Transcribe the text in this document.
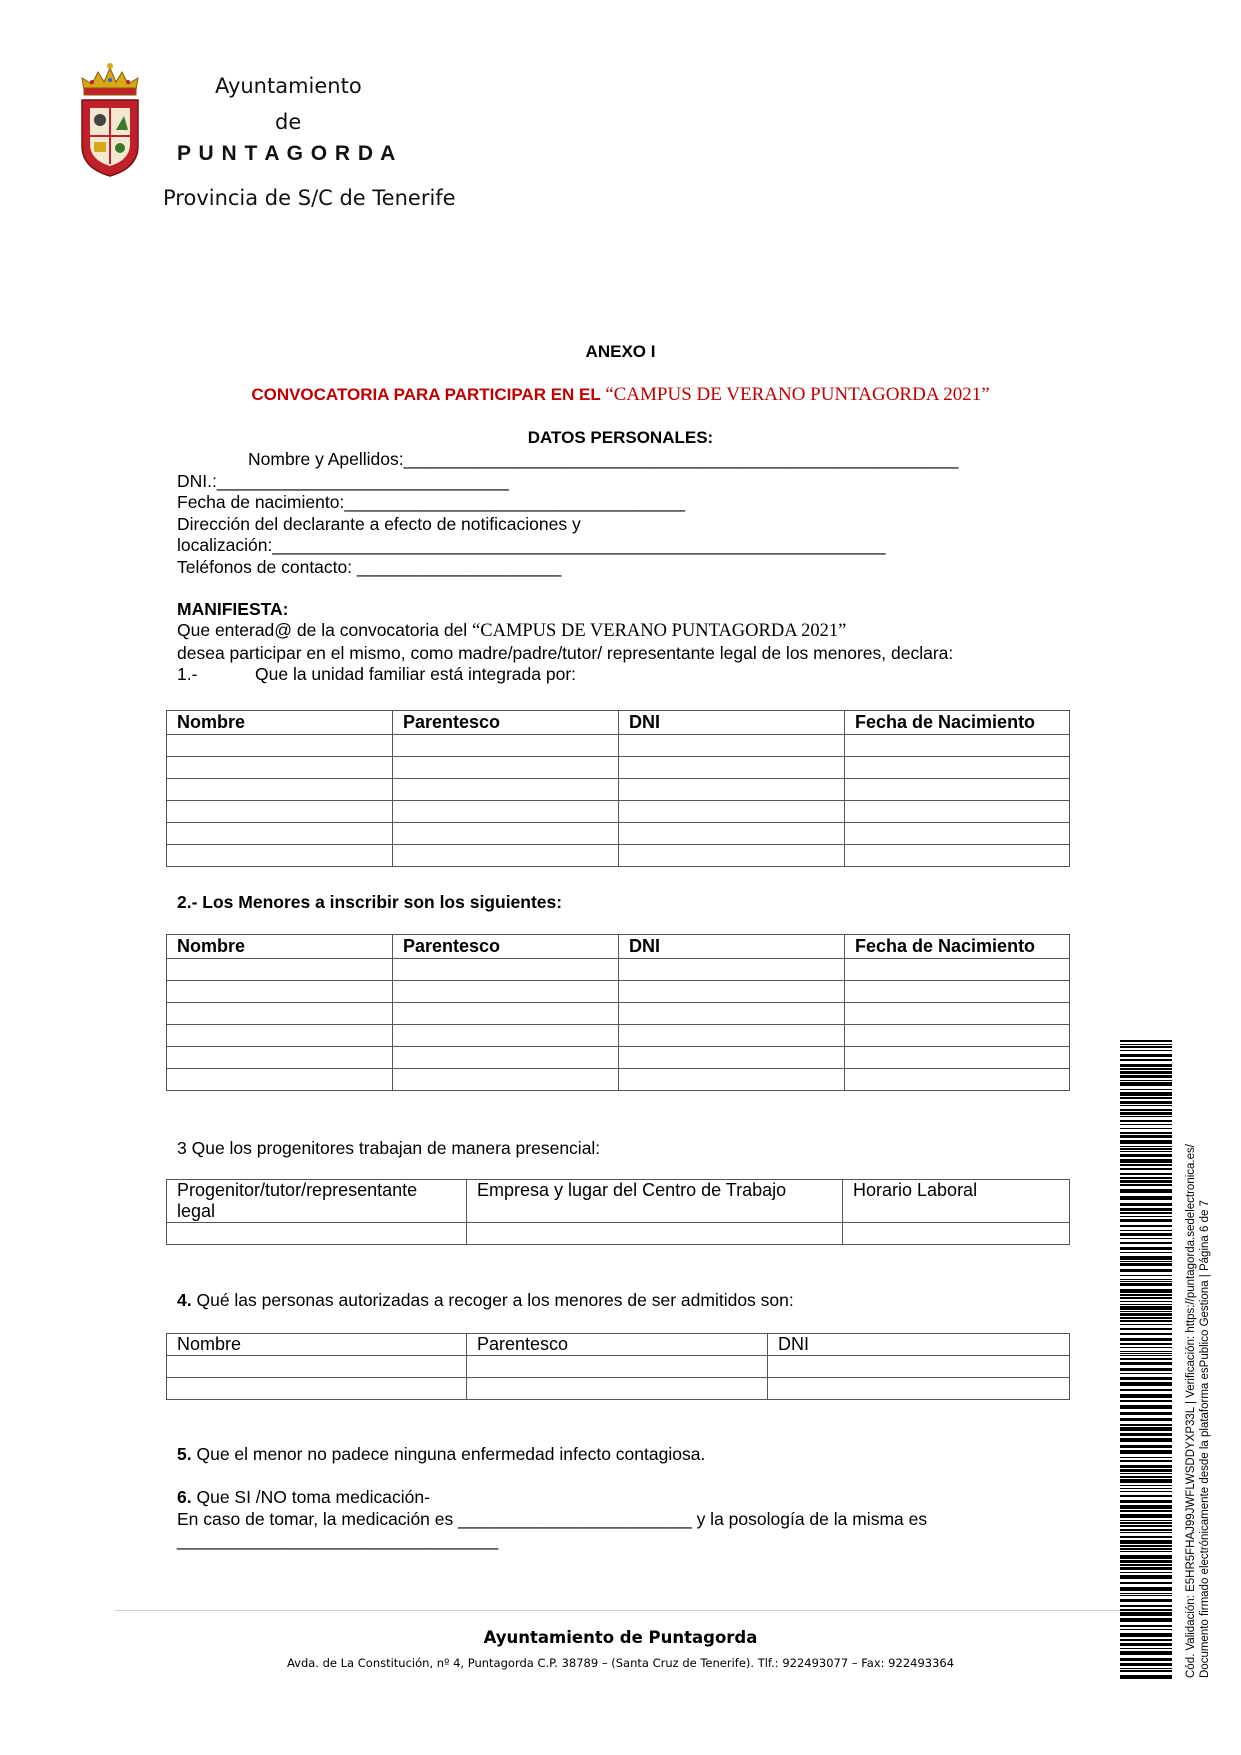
Ayuntamiento
de
P U N T A G O R D A
Provincia de S/C de Tenerife
ANEXO I
CONVOCATORIA PARA PARTICIPAR EN EL “CAMPUS DE VERANO PUNTAGORDA 2021”
DATOS PERSONALES:
Nombre y Apellidos:_________________________________________________________
DNI.:______________________________
Fecha de nacimiento:___________________________________
Dirección del declarante a efecto de notificaciones y
localización:_______________________________________________________________
Teléfonos de contacto: _____________________
MANIFIESTA:
Que enterad@ de la convocatoria del “CAMPUS DE VERANO PUNTAGORDA 2021”
desea participar en el mismo, como madre/padre/tutor/ representante legal de los menores, declara:
1.-	Que la unidad familiar está integrada por:
Nombre	Parentesco	DNI	Fecha de Nacimiento

2.- Los Menores a inscribir son los siguientes:
Nombre	Parentesco	DNI	Fecha de Nacimiento

3 Que los progenitores trabajan de manera presencial:
Progenitor/tutor/representante legal	Empresa y lugar del Centro de Trabajo	Horario Laboral

4. Qué las personas autorizadas a recoger a los menores de ser admitidos son:
Nombre	Parentesco	DNI

5. Que el menor no padece ninguna enfermedad infecto contagiosa.
6. Que SI /NO toma medicación-
En caso de tomar, la medicación es ________________________ y la posología de la misma es
_________________________________
Ayuntamiento de Puntagorda
Avda. de La Constitución, nº 4, Puntagorda C.P. 38789 – (Santa Cruz de Tenerife). Tlf.: 922493077 – Fax: 922493364	Cód. Validación: E5HR5FHAJ99JWFLWSDDYXP33L | Verificación: https://puntagorda.sedelectronica.es/ Documento firmado electrónicamente desde la plataforma esPublico Gestiona | Página 6 de 7
